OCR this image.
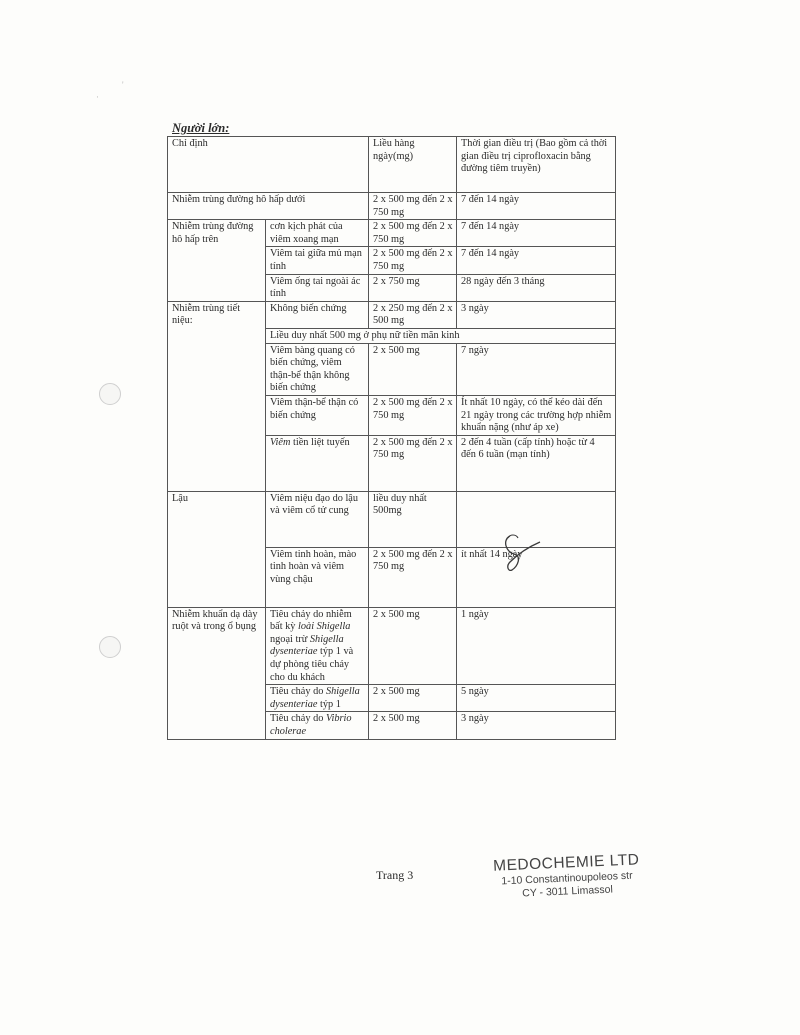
·
'
Người lớn:
Chỉ định		Liều hàng ngày(mg)	Thời gian điều trị (Bao gồm cả thời gian điều trị ciprofloxacin bằng đường tiêm truyền)
Nhiễm trùng đường hô hấp dưới		2 x 500 mg đến 2 x 750 mg	7 đến 14 ngày
Nhiễm trùng đường hô hấp trên	cơn kịch phát của viêm xoang mạn	2 x 500 mg đến 2 x 750 mg	7 đến 14 ngày
	Viêm tai giữa mủ mạn tính	2 x 500 mg đến 2 x 750 mg	7 đến 14 ngày
	Viêm ống tai ngoài ác tính	2 x 750 mg	28 ngày đến 3 tháng
Nhiễm trùng tiết niệu:	Không biến chứng	2 x 250 mg đến 2 x 500 mg	3 ngày
	Liều duy nhất 500 mg ở phụ nữ tiền mãn kinh		
	Viêm bàng quang có biến chứng, viêm thận-bể thận không biến chứng	2 x 500 mg	7 ngày
	Viêm thận-bể thận có biến chứng	2 x 500 mg đến 2 x 750 mg	Ít nhất 10 ngày, có thể kéo dài đến 21 ngày trong các trường hợp nhiễm khuẩn nặng (như áp xe)
	Viêm tiền liệt tuyến	2 x 500 mg đến 2 x 750 mg	2 đến 4 tuần (cấp tính) hoặc từ 4 đến 6 tuần (mạn tính)
Lậu	Viêm niệu đạo do lậu và viêm cổ tử cung	liều duy nhất 500mg	
	Viêm tinh hoàn, mào tinh hoàn và viêm vùng chậu	2 x 500 mg đến 2 x 750 mg	ít nhất 14 ngày
Nhiễm khuẩn dạ dày ruột và trong ổ bụng	Tiêu chảy do nhiễm bất kỳ loài Shigella ngoại trừ Shigella dysenteriae týp 1 và dự phòng tiêu chảy cho du khách	2 x 500 mg	1 ngày
	Tiêu chảy do Shigella dysenteriae týp 1	2 x 500 mg	5 ngày
	Tiêu chảy do Vibrio cholerae	2 x 500 mg	3 ngày
Trang 3
MEDOCHEMIE LTD
1-10 Constantinoupoleos str
CY - 3011 Limassol
